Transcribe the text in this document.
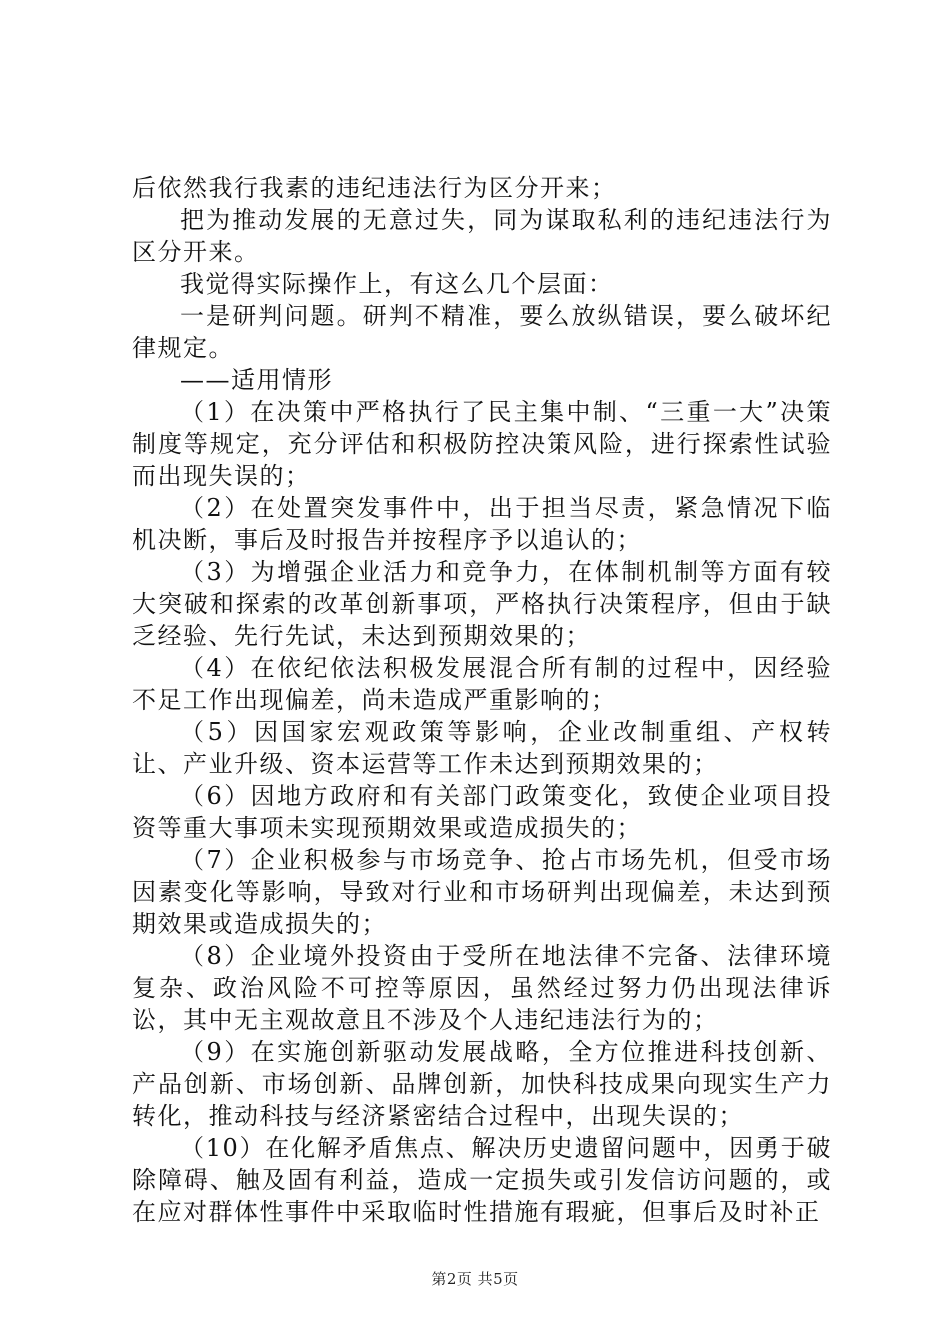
后依然我行我素的违纪违法行为区分开来；

把为推动发展的无意过失，同为谋取私利的违纪违法行为区分开来。

我觉得实际操作上，有这么几个层面：

一是研判问题。研判不精准，要么放纵错误，要么破坏纪律规定。

——适用情形

（1）在决策中严格执行了民主集中制、“三重一大”决策制度等规定，充分评估和积极防控决策风险，进行探索性试验而出现失误的；

（2）在处置突发事件中，出于担当尽责，紧急情况下临机决断，事后及时报告并按程序予以追认的；

（3）为增强企业活力和竞争力，在体制机制等方面有较大突破和探索的改革创新事项，严格执行决策程序，但由于缺乏经验、先行先试，未达到预期效果的；

（4）在依纪依法积极发展混合所有制的过程中，因经验不足工作出现偏差，尚未造成严重影响的；

（5）因国家宏观政策等影响，企业改制重组、产权转让、产业升级、资本运营等工作未达到预期效果的；

（6）因地方政府和有关部门政策变化，致使企业项目投资等重大事项未实现预期效果或造成损失的；

（7）企业积极参与市场竞争、抢占市场先机，但受市场因素变化等影响，导致对行业和市场研判出现偏差，未达到预期效果或造成损失的；

（8）企业境外投资由于受所在地法律不完备、法律环境复杂、政治风险不可控等原因，虽然经过努力仍出现法律诉讼，其中无主观故意且不涉及个人违纪违法行为的；

（9）在实施创新驱动发展战略，全方位推进科技创新、产品创新、市场创新、品牌创新，加快科技成果向现实生产力转化，推动科技与经济紧密结合过程中，出现失误的；

（10）在化解矛盾焦点、解决历史遗留问题中，因勇于破除障碍、触及固有利益，造成一定损失或引发信访问题的，或在应对群体性事件中采取临时性措施有瑕疵，但事后及时补正

第2页 共5页
